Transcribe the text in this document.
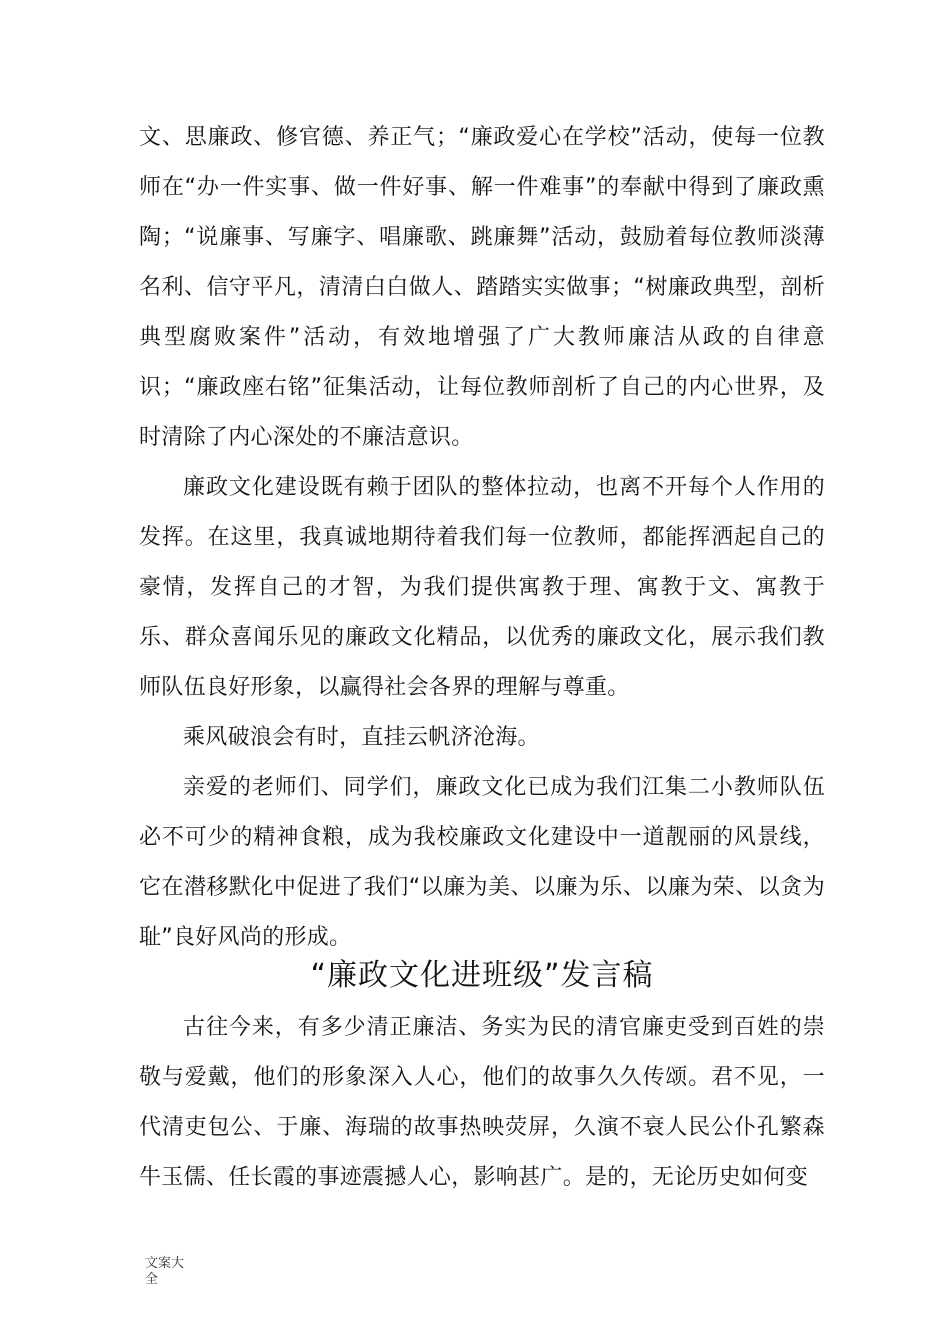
文、思廉政、修官德、养正气；“廉政爱心在学校”活动，使每一位教师在“办一件实事、做一件好事、解一件难事”的奉献中得到了廉政熏陶；“说廉事、写廉字、唱廉歌、跳廉舞”活动，鼓励着每位教师淡薄名利、信守平凡，清清白白做人、踏踏实实做事；“树廉政典型，剖析典型腐败案件”活动，有效地增强了广大教师廉洁从政的自律意识；“廉政座右铭”征集活动，让每位教师剖析了自己的内心世界，及时清除了内心深处的不廉洁意识。

廉政文化建设既有赖于团队的整体拉动，也离不开每个人作用的发挥。在这里，我真诚地期待着我们每一位教师，都能挥洒起自己的豪情，发挥自己的才智，为我们提供寓教于理、寓教于文、寓教于乐、群众喜闻乐见的廉政文化精品，以优秀的廉政文化，展示我们教师队伍良好形象，以赢得社会各界的理解与尊重。

乘风破浪会有时，直挂云帆济沧海。

亲爱的老师们、同学们，廉政文化已成为我们江集二小教师队伍必不可少的精神食粮，成为我校廉政文化建设中一道靓丽的风景线，它在潜移默化中促进了我们“以廉为美、以廉为乐、以廉为荣、以贪为耻”良好风尚的形成。

“廉政文化进班级”发言稿

古往今来，有多少清正廉洁、务实为民的清官廉吏受到百姓的崇敬与爱戴，他们的形象深入人心，他们的故事久久传颂。君不见，一代清吏包公、于廉、海瑞的故事热映荧屏，久演不衰人民公仆孔繁森牛玉儒、任长霞的事迹震撼人心，影响甚广。是的，无论历史如何变

文案大全
